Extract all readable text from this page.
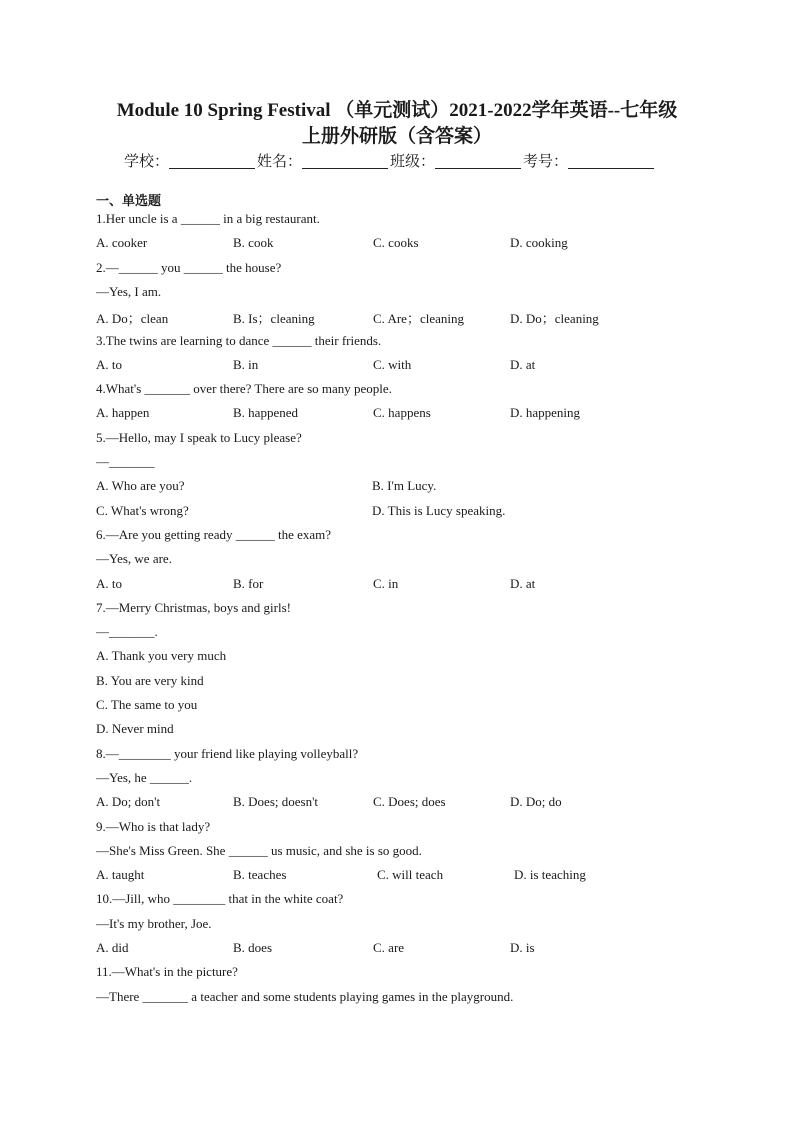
Module 10 Spring Festival （单元测试）2021-2022学年英语--七年级
上册外研版（含答案）
学校：	姓名：	班级：	考号：
一、单选题
1.Her uncle is a ______ in a big restaurant.
A. cooker	B. cook	C. cooks	D. cooking
2.—______ you ______ the house?
—Yes, I am.
A. Do；clean	B. Is；cleaning	C. Are；cleaning	D. Do；cleaning
3.The twins are learning to dance ______ their friends.
A. to	B. in	C. with	D. at
4.What's _______ over there? There are so many people.
A. happen	B. happened	C. happens	D. happening
5.—Hello, may I speak to Lucy please?
—_______
A. Who are you?	B. I'm Lucy.
C. What's wrong?	D. This is Lucy speaking.
6.—Are you getting ready ______ the exam?
—Yes, we are.
A. to	B. for	C. in	D. at
7.—Merry Christmas, boys and girls!
—_______.
A. Thank you very much
B. You are very kind
C. The same to you
D. Never mind
8.—________ your friend like playing volleyball?
—Yes, he ______.
A. Do; don't	B. Does; doesn't	C. Does; does	D. Do; do
9.—Who is that lady?
—She's Miss Green. She ______ us music, and she is so good.
A. taught	B. teaches	C. will teach	D. is teaching
10.—Jill, who ________ that in the white coat?
—It's my brother, Joe.
A. did	B. does	C. are	D. is
11.—What's in the picture?
—There _______ a teacher and some students playing games in the playground.
